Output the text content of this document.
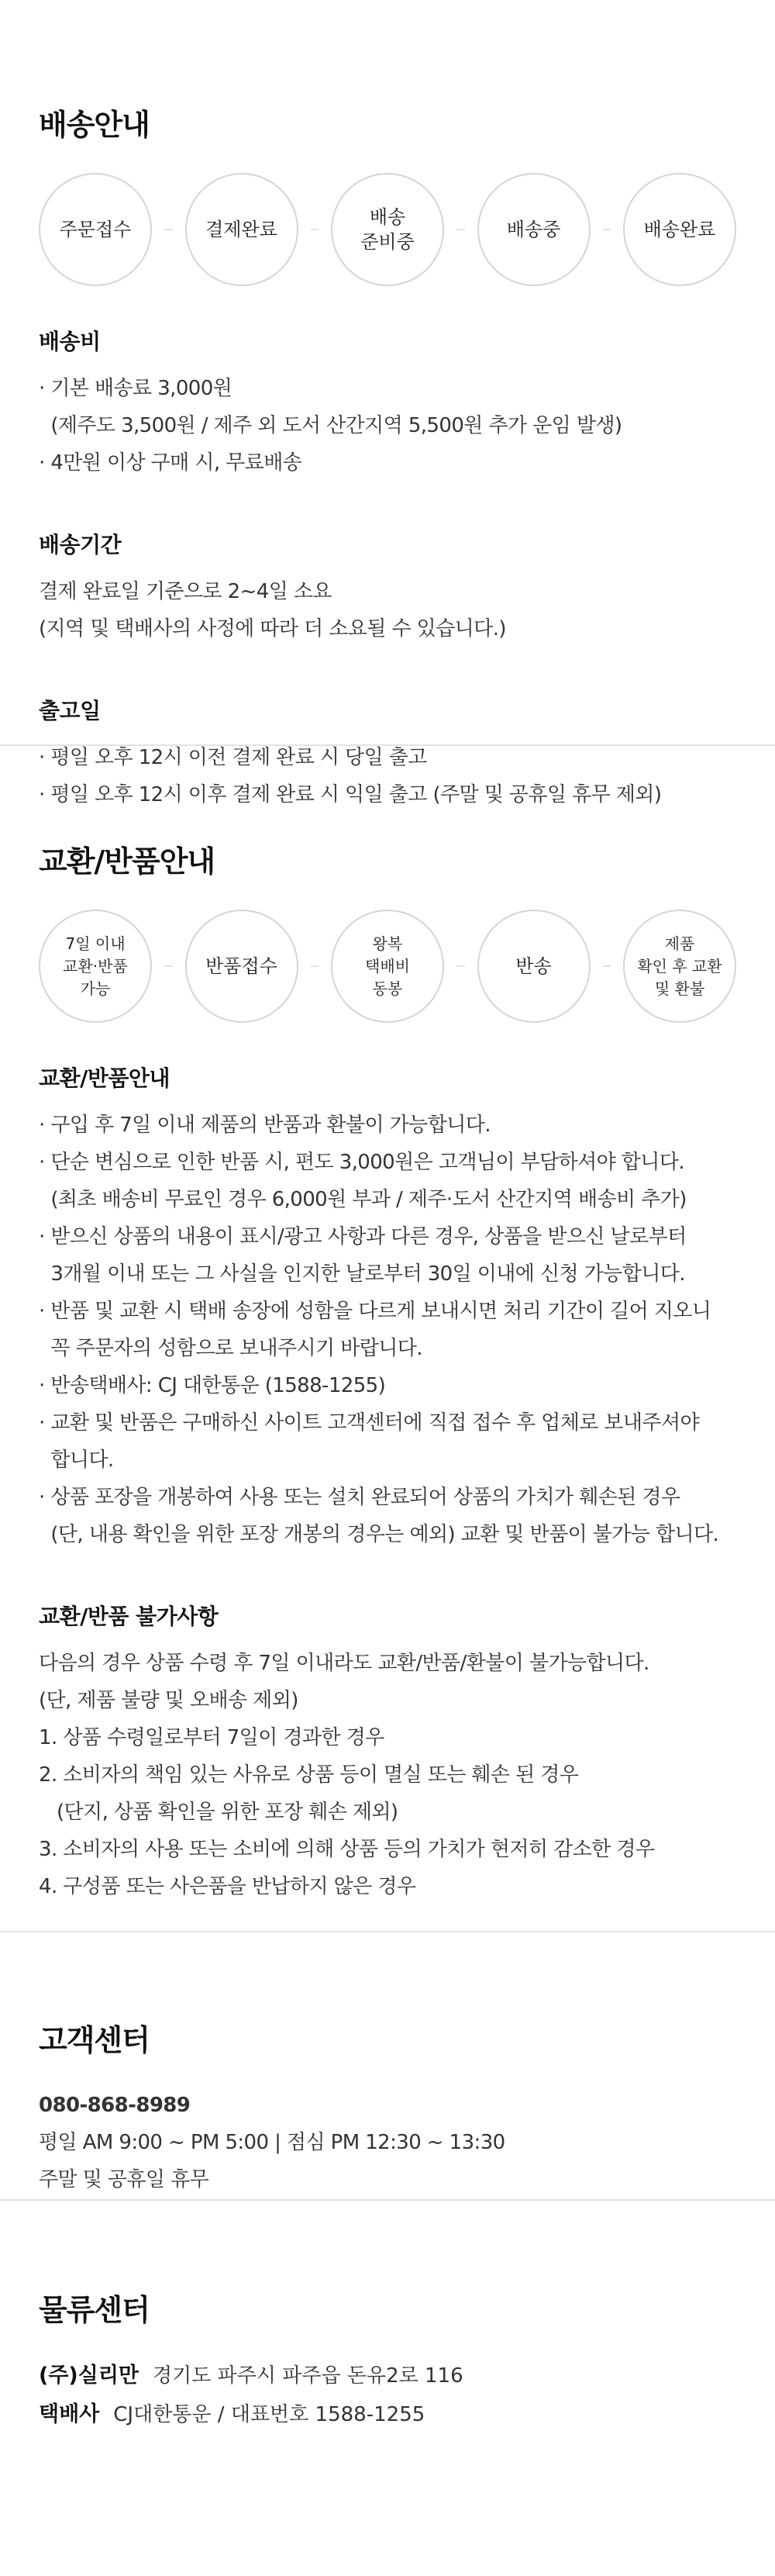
배송안내
주문접수	결제완료
배송
준비중
배송중	배송완료
배송비

· 기본 배송료 3,000원

(제주도 3,500원 / 제주 외 도서 산간지역 5,500원 추가 운임 발생)

· 4만원 이상 구매 시, 무료배송

배송기간

결제 완료일 기준으로 2~4일 소요

(지역 및 택배사의 사정에 따라 더 소요될 수 있습니다.)

출고일

· 평일 오후 12시 이전 결제 완료 시 당일 출고

· 평일 오후 12시 이후 결제 완료 시 익일 출고 (주말 및 공휴일 휴무 제외)

교환/반품안내
7일 이내
교환·반품
가능
반품접수
왕복
택배비
동봉
반송
제품
확인 후 교환
및 환불
교환/반품안내

· 구입 후 7일 이내 제품의 반품과 환불이 가능합니다.

· 단순 변심으로 인한 반품 시, 편도 3,000원은 고객님이 부담하셔야 합니다.

(최초 배송비 무료인 경우 6,000원 부과 / 제주·도서 산간지역 배송비 추가)

· 받으신 상품의 내용이 표시/광고 사항과 다른 경우, 상품을 받으신 날로부터

3개월 이내 또는 그 사실을 인지한 날로부터 30일 이내에 신청 가능합니다.

· 반품 및 교환 시 택배 송장에 성함을 다르게 보내시면 처리 기간이 길어 지오니

꼭 주문자의 성함으로 보내주시기 바랍니다.

· 반송택배사: CJ 대한통운 (1588-1255)

· 교환 및 반품은 구매하신 사이트 고객센터에 직접 접수 후 업체로 보내주셔야

합니다.

· 상품 포장을 개봉하여 사용 또는 설치 완료되어 상품의 가치가 훼손된 경우

(단, 내용 확인을 위한 포장 개봉의 경우는 예외) 교환 및 반품이 불가능 합니다.

교환/반품 불가사항

다음의 경우 상품 수령 후 7일 이내라도 교환/반품/환불이 불가능합니다.

(단, 제품 불량 및 오배송 제외)

1. 상품 수령일로부터 7일이 경과한 경우

2. 소비자의 책임 있는 사유로 상품 등이 멸실 또는 훼손 된 경우

(단지, 상품 확인을 위한 포장 훼손 제외)

3. 소비자의 사용 또는 소비에 의해 상품 등의 가치가 현저히 감소한 경우

4. 구성품 또는 사은품을 반납하지 않은 경우

고객센터

080-868-8989

평일 AM 9:00 ~ PM 5:00 | 점심 PM 12:30 ~ 13:30

주말 및 공휴일 휴무

물류센터

(주)실리만 경기도 파주시 파주읍 돈유2로 116

택배사 CJ대한통운 / 대표번호 1588-1255
